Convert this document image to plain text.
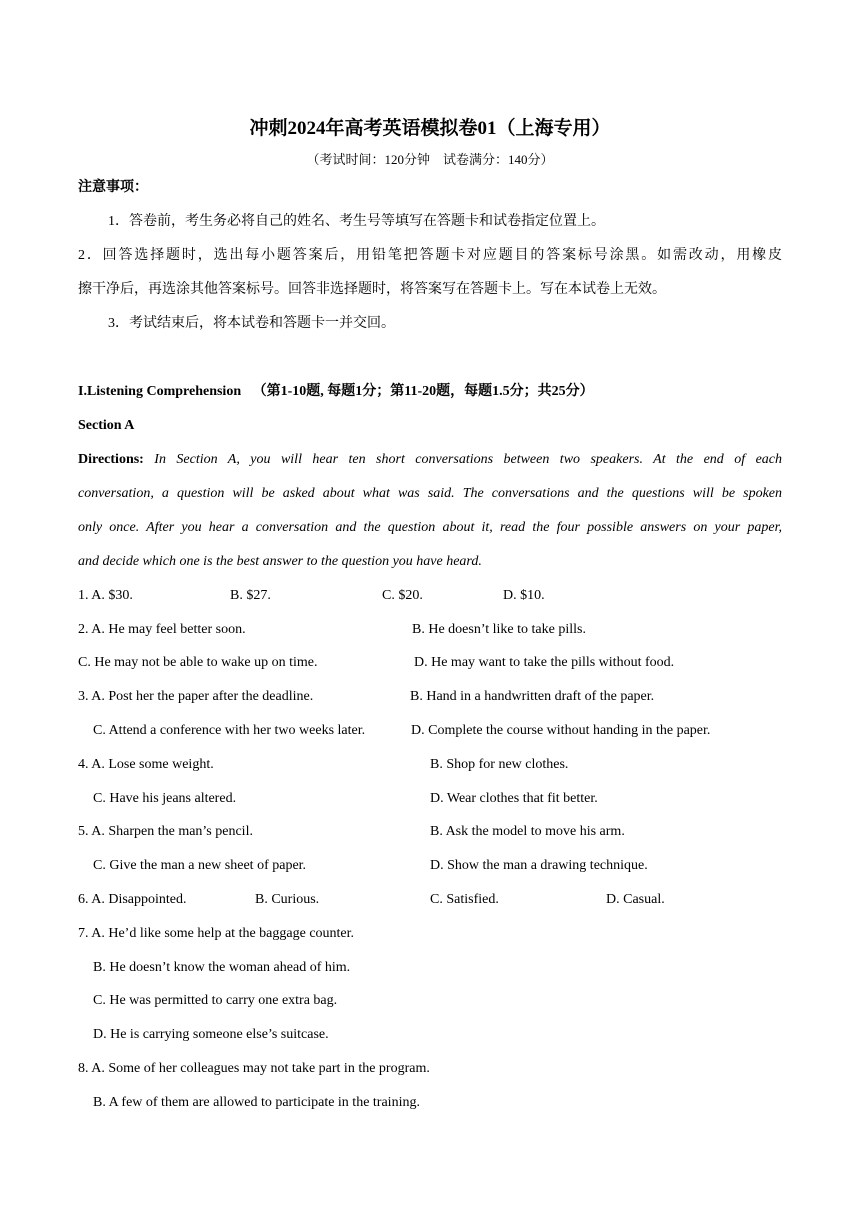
冲刺2024年高考英语模拟卷01（上海专用）
（考试时间：120分钟　试卷满分：140分）
注意事项：
1．答卷前，考生务必将自己的姓名、考生号等填写在答题卡和试卷指定位置上。
2．回答选择题时，选出每小题答案后，用铅笔把答题卡对应题目的答案标号涂黑。如需改动，用橡皮
擦干净后，再选涂其他答案标号。回答非选择题时，将答案写在答题卡上。写在本试卷上无效。
3．考试结束后，将本试卷和答题卡一并交回。
I.Listening Comprehension （第1-10题, 每题1分；第11-20题，每题1.5分；共25分）
Section A
Directions: In Section A, you will hear ten short conversations between two speakers. At the end of each
conversation, a question will be asked about what was said. The conversations and the questions will be spoken
only once. After you hear a conversation and the question about it, read the four possible answers on your paper,
and decide which one is the best answer to the question you have heard.
1. A. $30.	B. $27.	C. $20.	D. $10.
2. A. He may feel better soon.	B. He doesn’t like to take pills.
C. He may not be able to wake up on time.	D. He may want to take the pills without food.
3. A. Post her the paper after the deadline.	B. Hand in a handwritten draft of the paper.
C. Attend a conference with her two weeks later.	D. Complete the course without handing in the paper.
4. A. Lose some weight.	B. Shop for new clothes.
C. Have his jeans altered.	D. Wear clothes that fit better.
5. A. Sharpen the man’s pencil.	B. Ask the model to move his arm.
C. Give the man a new sheet of paper.	D. Show the man a drawing technique.
6. A. Disappointed.	B. Curious.	C. Satisfied.	D. Casual.
7. A. He’d like some help at the baggage counter.
B. He doesn’t know the woman ahead of him.
C. He was permitted to carry one extra bag.
D. He is carrying someone else’s suitcase.
8. A. Some of her colleagues may not take part in the program.
B. A few of them are allowed to participate in the training.
